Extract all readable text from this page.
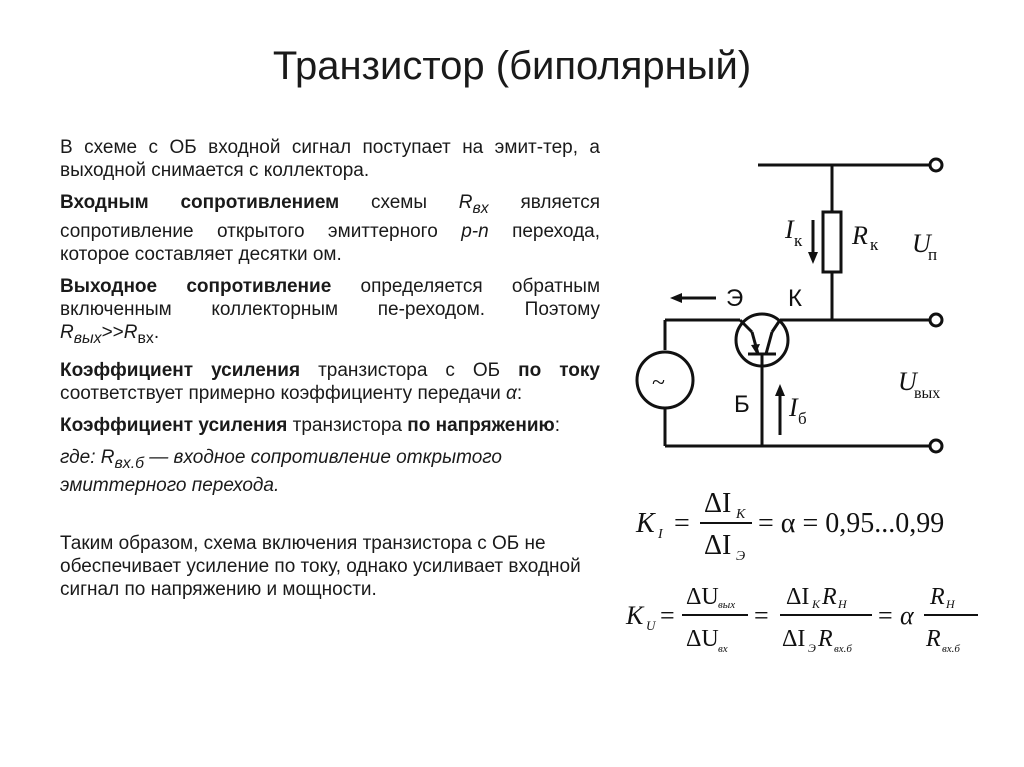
Транзистор (биполярный)

В схеме с ОБ входной сигнал поступает на эмит-тер, а выходной снимается с коллектора.

Входным сопротивлением схемы $R_{вх}$ является сопротивление открытого эмиттерного p-n перехода, которое составляет десятки ом.

Выходное сопротивление определяется обратным включенным коллекторным пе-реходом. Поэтому $R_{вых}>>R_{вх}$.

Коэффициент усиления транзистора с ОБ по току соответствует примерно коэффициенту передачи α:

Коэффициент усиления транзистора по напряжению:

где: $R_{вх.б}$ — входное сопротивление открытого эмиттерного перехода.

Таким образом, схема включения транзистора с ОБ не обеспечивает усиление по току, однако усиливает входной сигнал по напряжению и мощности.

~
I к R к U
п
Э К
Б I б
U
вых
K I =
ΔI K
ΔI Э
= α = 0,95...0,99
K U =
ΔU вых
ΔU вх
=
ΔI K R Н
ΔI Э R вх.б
= α
R Н
R вх.б
